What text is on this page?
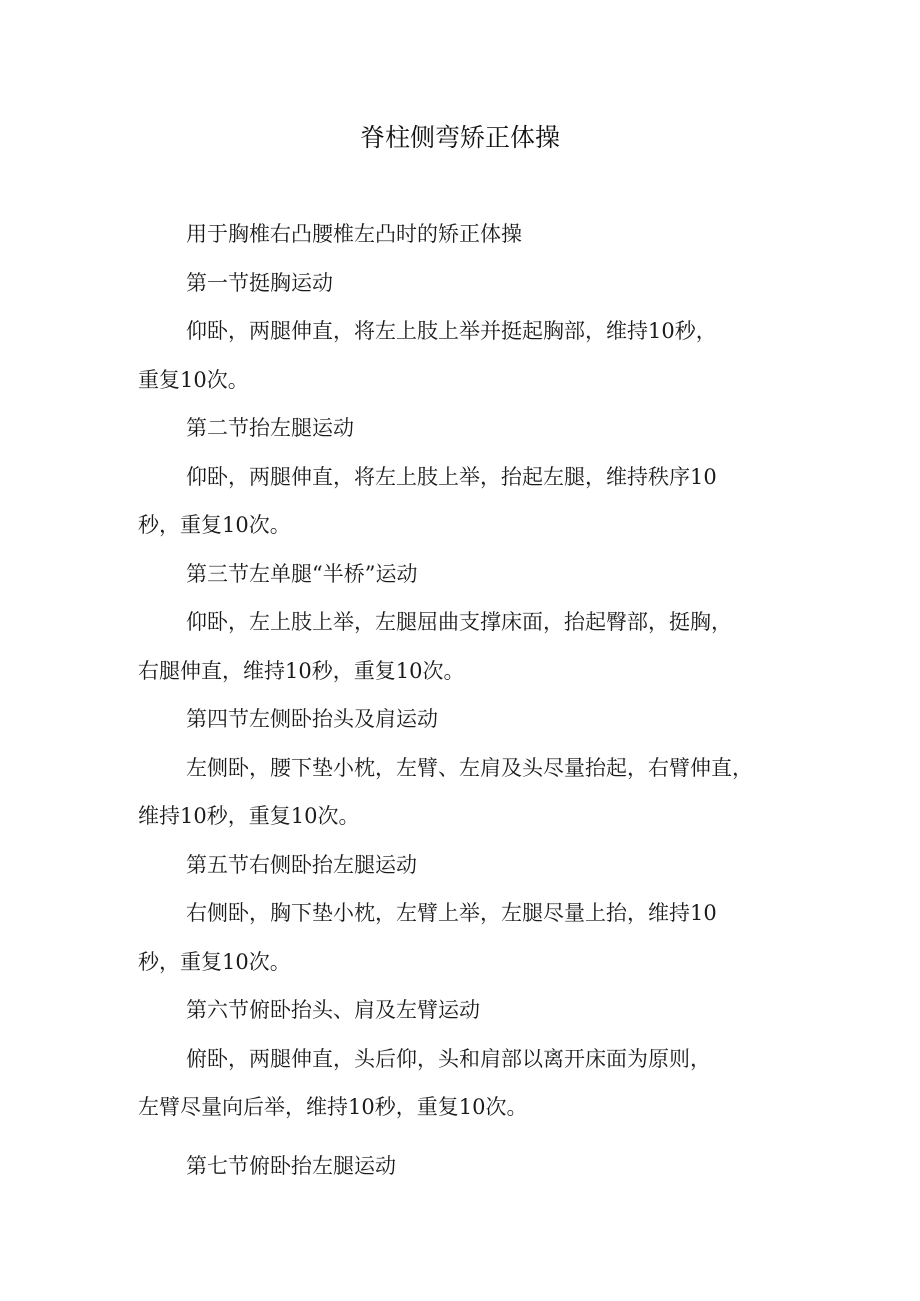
脊柱侧弯矫正体操

用于胸椎右凸腰椎左凸时的矫正体操

第一节挺胸运动

仰卧，两腿伸直，将左上肢上举并挺起胸部，维持10秒，
重复10次。

第二节抬左腿运动

仰卧，两腿伸直，将左上肢上举，抬起左腿，维持秩序10
秒，重复10次。

第三节左单腿“半桥”运动

仰卧，左上肢上举，左腿屈曲支撑床面，抬起臀部，挺胸，
右腿伸直，维持10秒，重复10次。

第四节左侧卧抬头及肩运动

左侧卧，腰下垫小枕，左臂、左肩及头尽量抬起，右臂伸直，
维持10秒，重复10次。

第五节右侧卧抬左腿运动

右侧卧，胸下垫小枕，左臂上举，左腿尽量上抬，维持10
秒，重复10次。

第六节俯卧抬头、肩及左臂运动

俯卧，两腿伸直，头后仰，头和肩部以离开床面为原则，
左臂尽量向后举，维持10秒，重复10次。

第七节俯卧抬左腿运动
